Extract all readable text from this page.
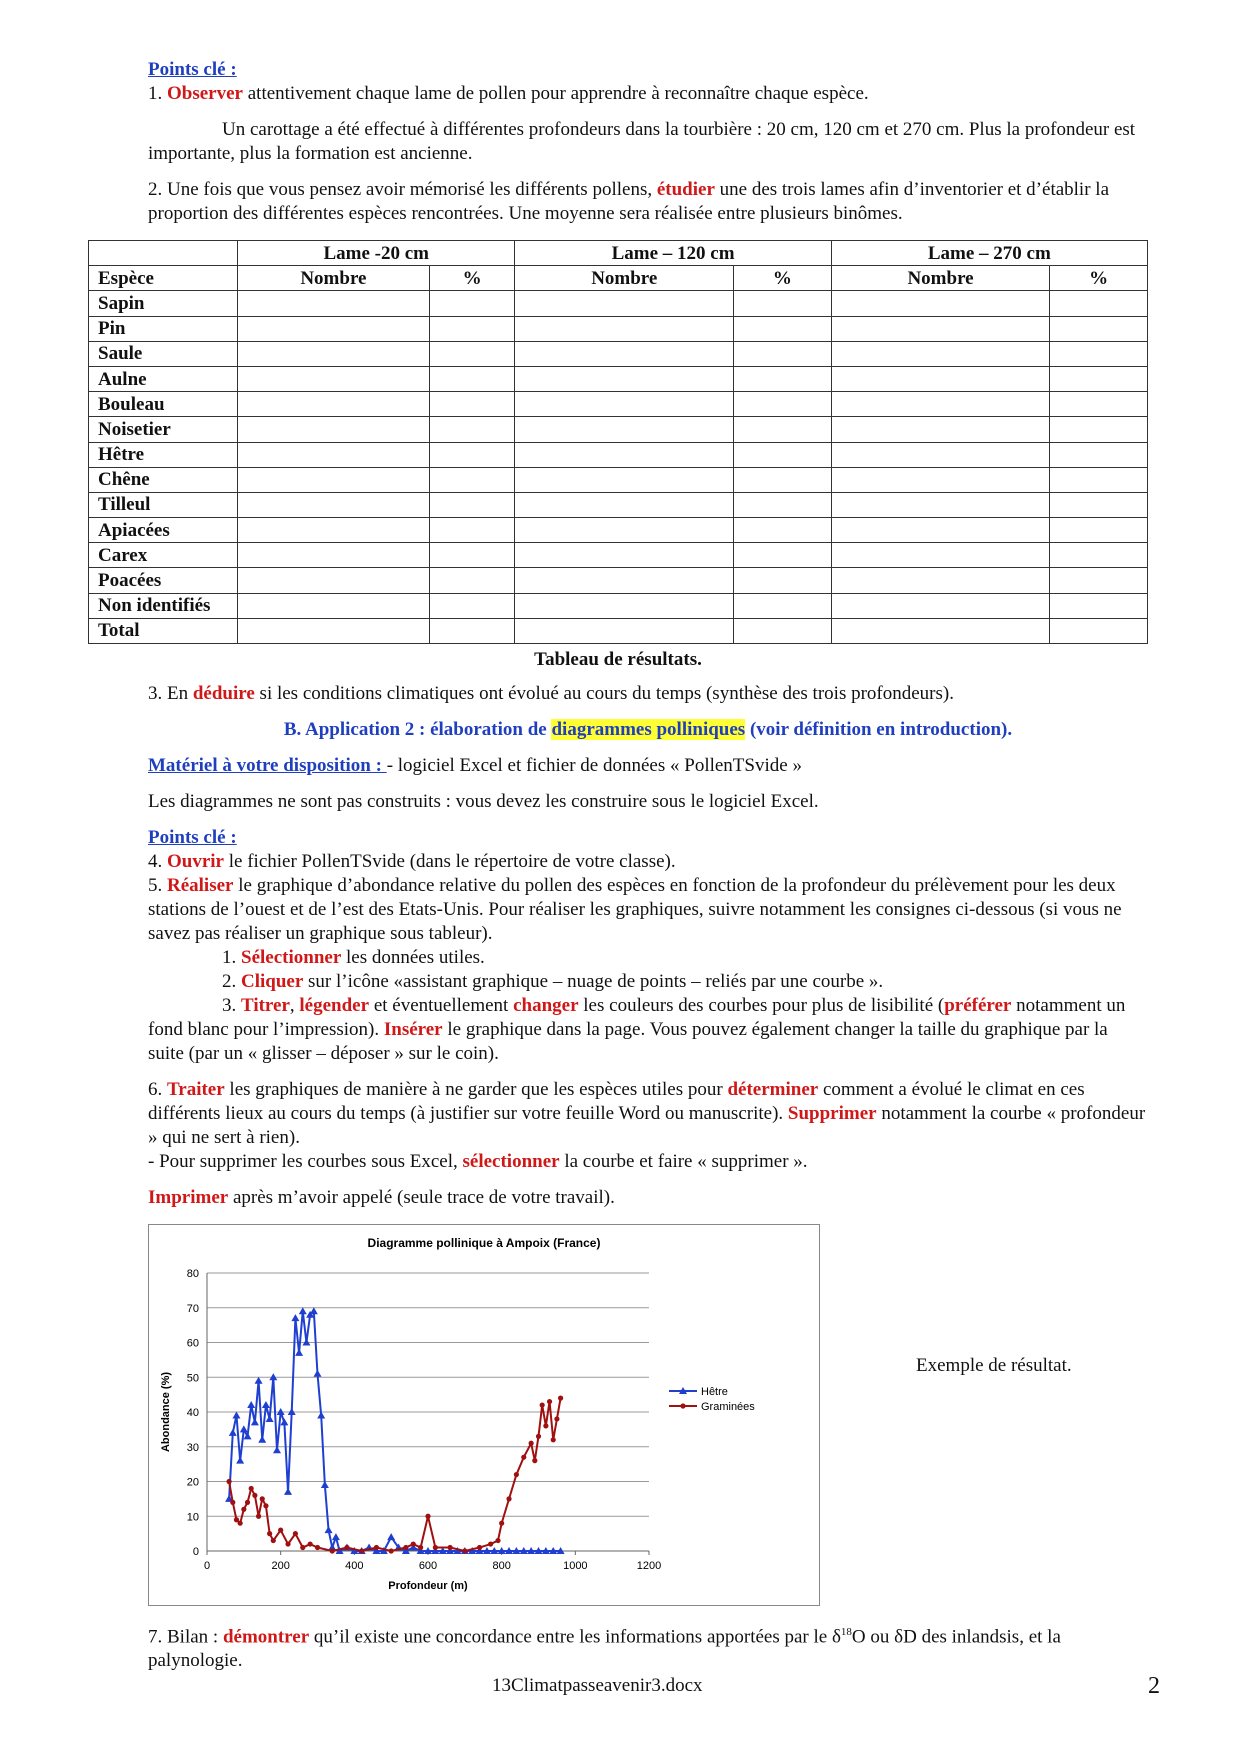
Points clé :

1. Observer attentivement chaque lame de pollen pour apprendre à reconnaître chaque espèce.

Un carottage a été effectué à différentes profondeurs dans la tourbière : 20 cm, 120 cm et 270 cm. Plus la profondeur est importante, plus la formation est ancienne.

2. Une fois que vous pensez avoir mémorisé les différents pollens, étudier une des trois lames afin d’inventorier et d’établir la proportion des différentes espèces rencontrées. Une moyenne sera réalisée entre plusieurs binômes.

	Lame -20 cm		Lame – 120 cm		Lame – 270 cm	
Espèce	Nombre	%	Nombre	%	Nombre	%
Sapin						
Pin						
Saule						
Aulne						
Bouleau						
Noisetier						
Hêtre						
Chêne						
Tilleul						
Apiacées						
Carex						
Poacées						
Non identifiés						
Total						
Tableau de résultats.

3. En déduire si les conditions climatiques ont évolué au cours du temps (synthèse des trois profondeurs).

B. Application 2 : élaboration de diagrammes polliniques (voir définition en introduction).

Matériel à votre disposition : - logiciel Excel et fichier de données « PollenTSvide »

Les diagrammes ne sont pas construits : vous devez les construire sous le logiciel Excel.

Points clé :

4. Ouvrir le fichier PollenTSvide (dans le répertoire de votre classe).

5. Réaliser le graphique d’abondance relative du pollen des espèces en fonction de la profondeur du prélèvement pour les deux stations de l’ouest et de l’est des Etats-Unis. Pour réaliser les graphiques, suivre notamment les consignes ci-dessous (si vous ne savez pas réaliser un graphique sous tableur).

1. Sélectionner les données utiles.

2. Cliquer sur l’icône «assistant graphique – nuage de points – reliés par une courbe ».

3. Titrer, légender et éventuellement changer les couleurs des courbes pour plus de lisibilité (préférer notamment un fond blanc pour l’impression). Insérer le graphique dans la page. Vous pouvez également changer la taille du graphique par la suite (par un « glisser – déposer » sur le coin).

6. Traiter les graphiques de manière à ne garder que les espèces utiles pour déterminer comment a évolué le climat en ces différents lieux au cours du temps (à justifier sur votre feuille Word ou manuscrite). Supprimer notamment la courbe « profondeur » qui ne sert à rien).

- Pour supprimer les courbes sous Excel, sélectionner la courbe et faire « supprimer ».

Imprimer après m’avoir appelé (seule trace de votre travail).

Diagramme pollinique à Ampoix (France)
0
10
20
30
40
50
60
70
80
0	200	400	600	800	1000	1200
Profondeur (m)
Abondance (%)	Hêtre
Graminées
Exemple de résultat.

7. Bilan : démontrer qu’il existe une concordance entre les informations apportées par le $\delta^{18}O$ ou δD des inlandsis, et la palynologie.

13Climatpasseavenir3.docx	2
